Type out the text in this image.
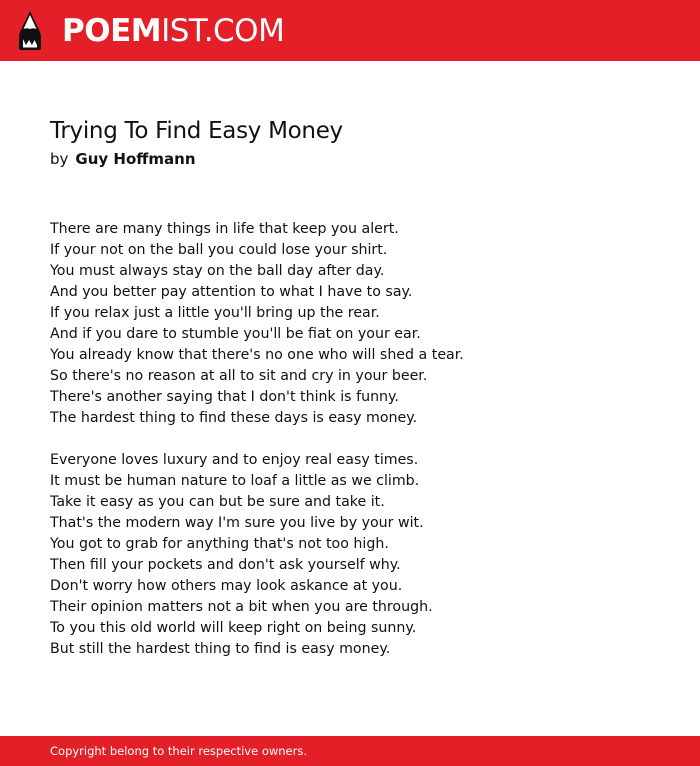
POEMIST.COM
Trying To Find Easy Money
by Guy Hoffmann
There are many things in life that keep you alert.
If your not on the ball you could lose your shirt.
You must always stay on the ball day after day.
And you better pay attention to what I have to say.
If you relax just a little you'll bring up the rear.
And if you dare to stumble you'll be fiat on your ear.
You already know that there's no one who will shed a tear.
So there's no reason at all to sit and cry in your beer.
There's another saying that I don't think is funny.
The hardest thing to find these days is easy money.
Everyone loves luxury and to enjoy real easy times.
It must be human nature to loaf a little as we climb.
Take it easy as you can but be sure and take it.
That's the modern way I'm sure you live by your wit.
You got to grab for anything that's not too high.
Then fill your pockets and don't ask yourself why.
Don't worry how others may look askance at you.
Their opinion matters not a bit when you are through.
To you this old world will keep right on being sunny.
But still the hardest thing to find is easy money.
Copyright belong to their respective owners.
